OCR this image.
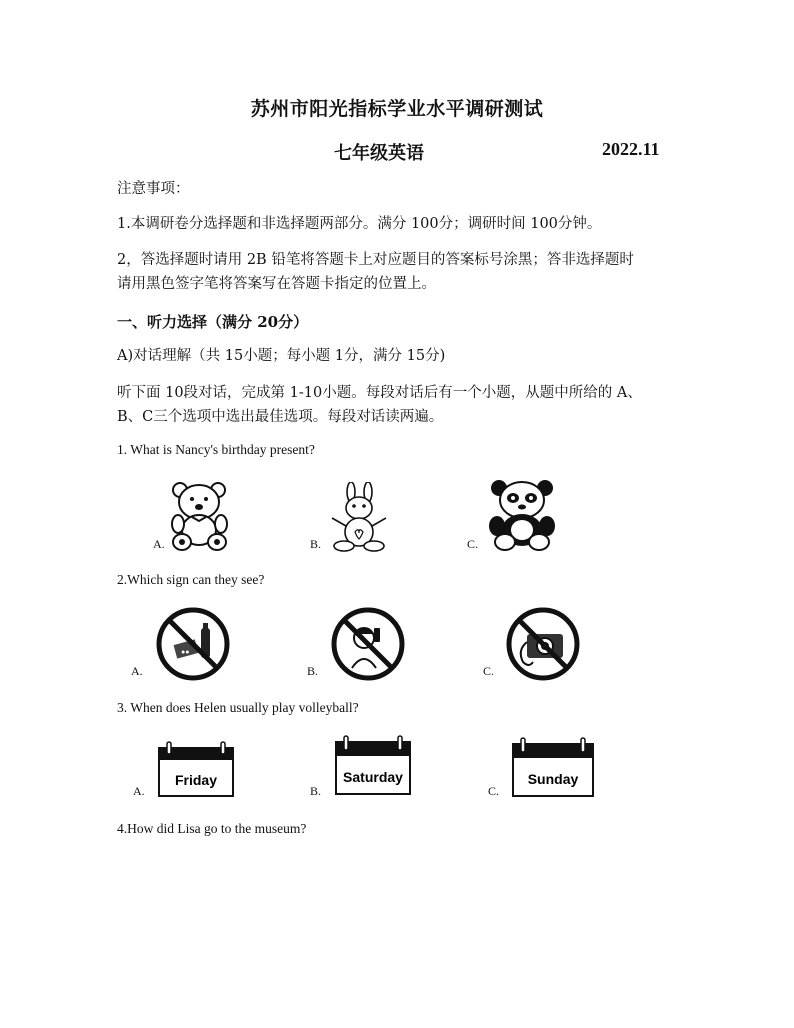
苏州市阳光指标学业水平调研测试
七年级英语	2022.11
注意事项：
1.本调研卷分选择题和非选择题两部分。满分 100分；调研时间 100分钟。
2，答选择题时请用 2B 铅笔将答题卡上对应题目的答案标号涂黑；答非选择题时
请用黑色签字笔将答案写在答题卡指定的位置上。
一、听力选择（满分 20分）
A)对话理解（共 15小题；每小题 1分，满分 15分)
听下面 10段对话，完成第 1-10小题。每段对话后有一个小题，从题中所给的 A、
B、C三个选项中选出最佳选项。每段对话读两遍。
1. What is Nancy's birthday present?
A.	B.	C.
2.Which sign can they see?
A.
●●
B.	C.
3. When does Helen usually play volleyball?
A.
Friday
B.
Saturday
C.
Sunday
4.How did Lisa go to the museum?
